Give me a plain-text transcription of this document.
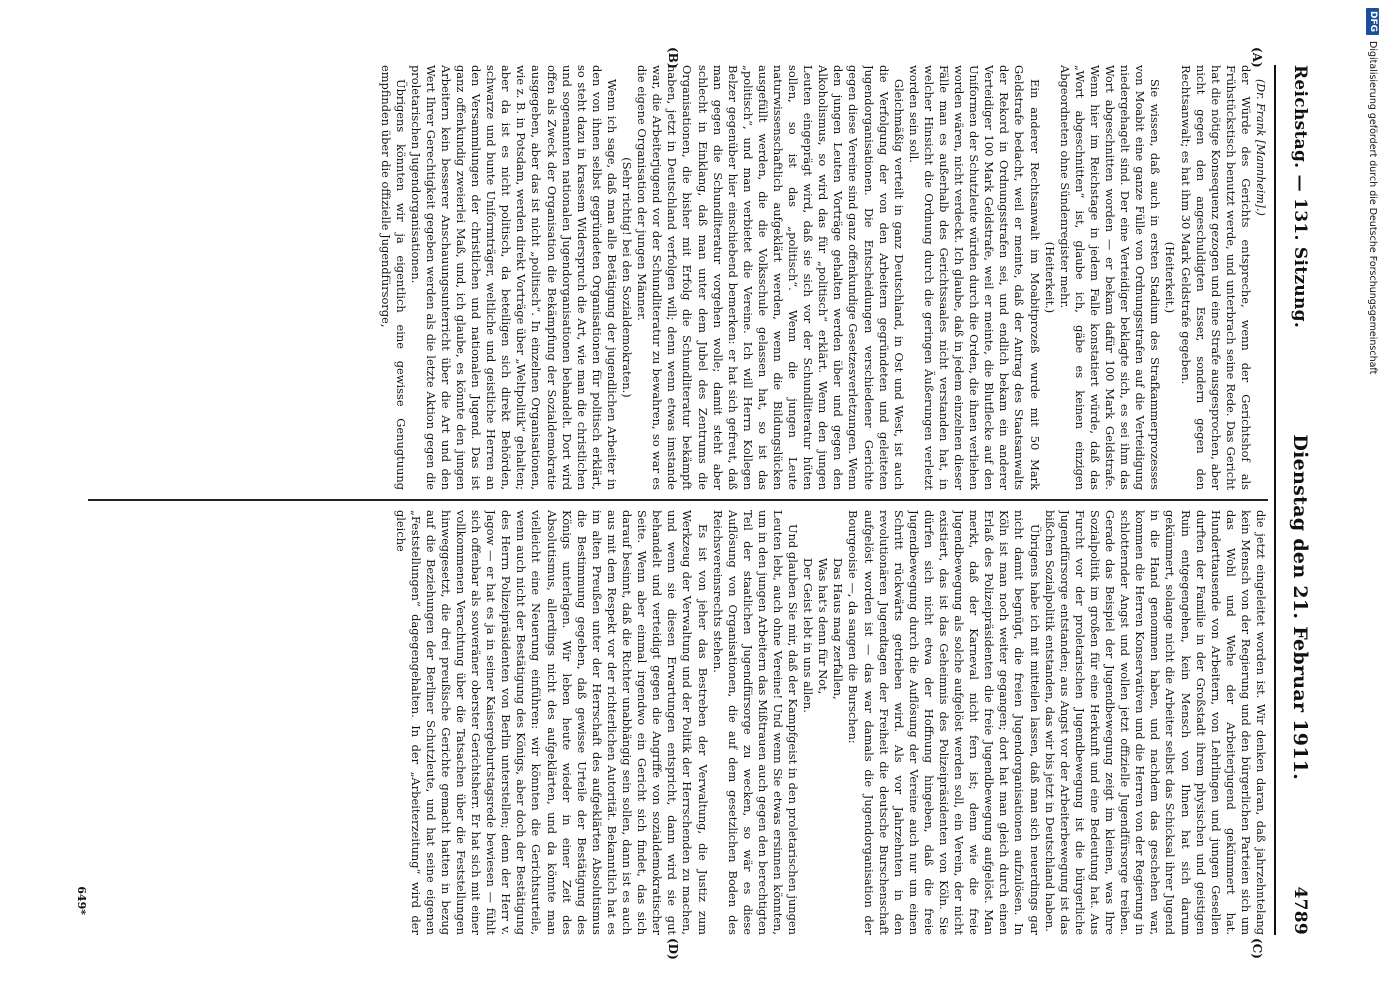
Reichstag. — 131. Sitzung.
Dienstag den 21. Februar 1911.
4789

(Dr. Frank [Mannheim].)

der Würde des Gerichts entspreche, wenn der Gerichtshof als Frühstückstisch benutzt werde, und unterbrach seine Rede. Das Gericht hat die nötige Konsequenz gezogen und eine Strafe ausgesprochen, aber nicht gegen den angeschuldigten Esser, sondern gegen den Rechtsanwalt; es hat ihm 30 Mark Geldstrafe gegeben.

(Heiterkeit.)

Sie wissen, daß auch in ersten Stadium des Strafkammerprozesses von Moabit eine ganze Fülle von Ordnungsstrafen auf die Verteidigung niedergehagelt sind. Der eine Verteidiger beklagte sich, es sei ihm das Wort abgeschnitten worden — er bekam dafür 100 Mark Geldstrafe. Wenn hier im Reichstage in jedem Falle konstatiert würde, daß das „Wort abgeschnitten“ ist, glaube ich, gäbe es keinen einzigen Abgeordneten ohne Sündenregister mehr.

(Heiterkeit.)

Ein anderer Rechtsanwalt im Moabitprozeß wurde mit 50 Mark Geldstrafe bedacht, weil er meinte, daß der Antrag des Staatsanwalts der Rekord in Ordnungsstrafen sei, und endlich bekam ein anderer Verteidiger 100 Mark Geldstrafe, weil er meinte, die Blutflecke auf den Uniformen der Schutzleute würden durch die Orden, die ihnen verliehen worden wären, nicht verdeckt. Ich glaube, daß in jedem einzelnen dieser Fälle man es außerhalb des Gerichtssaales nicht verstanden hat, in welcher Hinsicht die Ordnung durch die geringen Äußerungen verletzt worden sein soll.

Gleichmäßig verteilt in ganz Deutschland, in Ost und West, ist auch die Verfolgung der von den Arbeitern gegründeten und geleiteten Jugendorganisationen. Die Entscheidungen verschiedener Gerichte gegen diese Vereine sind ganz offenkundige Gesetzesverletzungen. Wenn den jungen Leuten Vorträge gehalten werden über und gegen den Alkoholismus, so wird das für „politisch“ erklärt. Wenn den jungen Leuten eingeprägt wird, daß sie sich vor der Schundliteratur hüten sollen, so ist das „politisch“. Wenn die jungen Leute naturwissenschaftlich aufgeklärt werden, wenn die Bildungslücken ausgefüllt werden, die die Volksschule gelassen hat, so ist das „politisch“, und man verbietet die Vereine. Ich will Herrn Kollegen Belzer gegenüber hier einschiebend bemerken: er hat sich gefreut, daß man gegen die Schundliteratur vorgehen wolle; damit steht aber schlecht in Einklang, daß man unter dem Jubel des Zentrums die Organisationen, die bisher mit Erfolg die Schundliteratur bekämpft haben, jetzt in Deutschland verfolgen will; denn wenn etwas imstande war, die Arbeiterjugend vor der Schundliteratur zu bewahren, so war es die eigene Organisation der jungen Männer.

(Sehr richtig! bei den Sozialdemokraten.)

Wenn ich sage, daß man alle Betätigung der jugendlichen Arbeiter in den von ihnen selbst gegründeten Organisationen für politisch erklärt, so steht dazu in krassem Widerspruch die Art, wie man die christlichen und sogenannten nationalen Jugendorganisationen behandelt. Dort wird offen als Zweck der Organisation die Bekämpfung der Sozialdemokratie ausgegeben, aber das ist nicht „politisch“. In einzelnen Organisationen, wie z. B. in Potsdam, werden direkt Vorträge über „Weltpolitik“ gehalten; aber da ist es nicht politisch, da beteiligen sich direkt Behörden, schwarze und bunte Uniformträger, weltliche und geistliche Herren an den Versammlungen der christlichen und nationalen Jugend. Das ist ganz offenkundig zweierlei Maß, und, ich glaube, es könnte den jungen Arbeitern kein besserer Anschauungsunterricht über die Art und den Wert Ihrer Gerechtigkeit gegeben werden als die letzte Aktion gegen die proletarischen Jugendorganisationen.

Übrigens könnten wir ja eigentlich eine gewisse Genugtuung empfinden über die offizielle Jugendfürsorge,

die jetzt eingeleitet worden ist. Wir denken daran, daß jahrzehntelang kein Mensch von der Regierung und den bürgerlichen Parteien sich um das Wohl und Wehe der Arbeiterjugend gekümmert hat. Hunderttausende von Arbeitern, von Lehrlingen und jungen Gesellen durften der Familie in der Großstadt ihrem physischen und geistigen Ruin entgegengehen, kein Mensch von Ihnen hat sich darum gekümmert, solange nicht die Arbeiter selbst das Schicksal ihrer Jugend in die Hand genommen haben, und nachdem das geschehen war, kommen die Herren Konservativen und die Herren von der Regierung in schlotternder Angst und wollen jetzt offizielle Jugendfürsorge treiben. Gerade das Beispiel der Jugendbewegung zeigt im kleinen, was Ihre Sozialpolitik im großen für eine Herkunft und eine Bedeutung hat. Aus Furcht vor der proletarischen Jugendbewegung ist die bürgerliche Jugendfürsorge entstanden; aus Angst vor der Arbeiterbewegung ist das bißchen Sozialpolitik entstanden, das wir bis jetzt in Deutschland haben.

Übrigens habe ich mit mitteilen lassen, daß man sich neuerdings gar nicht damit begnügt, die freien Jugendorganisationen aufzulösen. In Köln ist man noch weiter gegangen; dort hat man gleich durch einen Erlaß des Polizeipräsidenten die freie Jugendbewegung aufgelöst. Man merkt, daß der Karneval nicht fern ist; denn wie die freie Jugendbewegung als solche aufgelöst werden soll, ein Verein, der nicht existiert, das ist das Geheimnis des Polizeipräsidenten von Köln. Sie dürfen sich nicht etwa der Hoffnung hingeben, daß die freie Jugendbewegung durch die Auflösung der Vereine auch nur um einen Schritt rückwärts getrieben wird. Als vor Jahrzehnten in den revolutionären Jugendtagen der Freiheit die deutsche Burschenschaft aufgelöst worden ist — das war damals die Jugendorganisation der Bourgeoisie —, da sangen die Burschen:

Das Haus mag zerfallen,

Was hat's denn für Not,

Der Geist lebt in uns allen.

Und glauben Sie mir, daß der Kampfgeist in den proletarischen jungen Leuten lebt, auch ohne Vereine! Und wenn Sie etwas ersinnen könnten, um in den jungen Arbeitern das Mißtrauen auch gegen den berechtigten Teil der staatlichen Jugendfürsorge zu wecken, so wär es diese Auflösung von Organisationen, die auf dem gesetzlichen Boden des Reichsvereinsrechts stehen.

Es ist von jeher das Bestreben der Verwaltung, die Justiz zum Werkzeug der Verwaltung und der Politik der Herrschenden zu machen, und wenn sie diesen Erwartungen entspricht, dann wird sie gut behandelt und verteidigt gegen die Angriffe von sozialdemokratischer Seite. Wenn aber einmal irgendwo ein Gericht sich findet, das sich darauf besinnt, daß die Richter unabhängig sein sollen, dann ist es auch aus mit dem Respekt vor der richterlichen Autorität. Bekanntlich hat es im alten Preußen unter der Herrschaft des aufgeklärten Absolutismus die Bestimmung gegeben, daß gewisse Urteile der Bestätigung des Königs unterlagen. Wir leben heute wieder in einer Zeit des Absolutismus, allerdings nicht des aufgeklärten, und da könnte man vielleicht eine Neuerung einführen: wir könnten die Gerichtsurteile, wenn auch nicht der Bestätigung des Königs, aber doch der Bestätigung des Herrn Polizeipräsidenten von Berlin unterstellen; denn der Herr v. Jagow — er hat es ja in seiner Kaisergeburtstagsrede bewiesen — fühlt sich offenbar als souveräner oberster Gerichtsherr. Er hat sich mit einer vollkommenen Verachtung über die Tatsachen über die Feststellungen hinweggesetzt, die drei preußische Gerichte gemacht hatten in bezug auf die Beziehungen der Berliner Schutzleute, und hat seine eigenen „Feststellungen“ dagegengehalten. In der „Arbeiterzeitung“ wird der gleiche

(A)
(B)
(C)
(D)
649*
DFG
Digitalisierung gefördert durch die Deutsche Forschungsgemeinschaft
